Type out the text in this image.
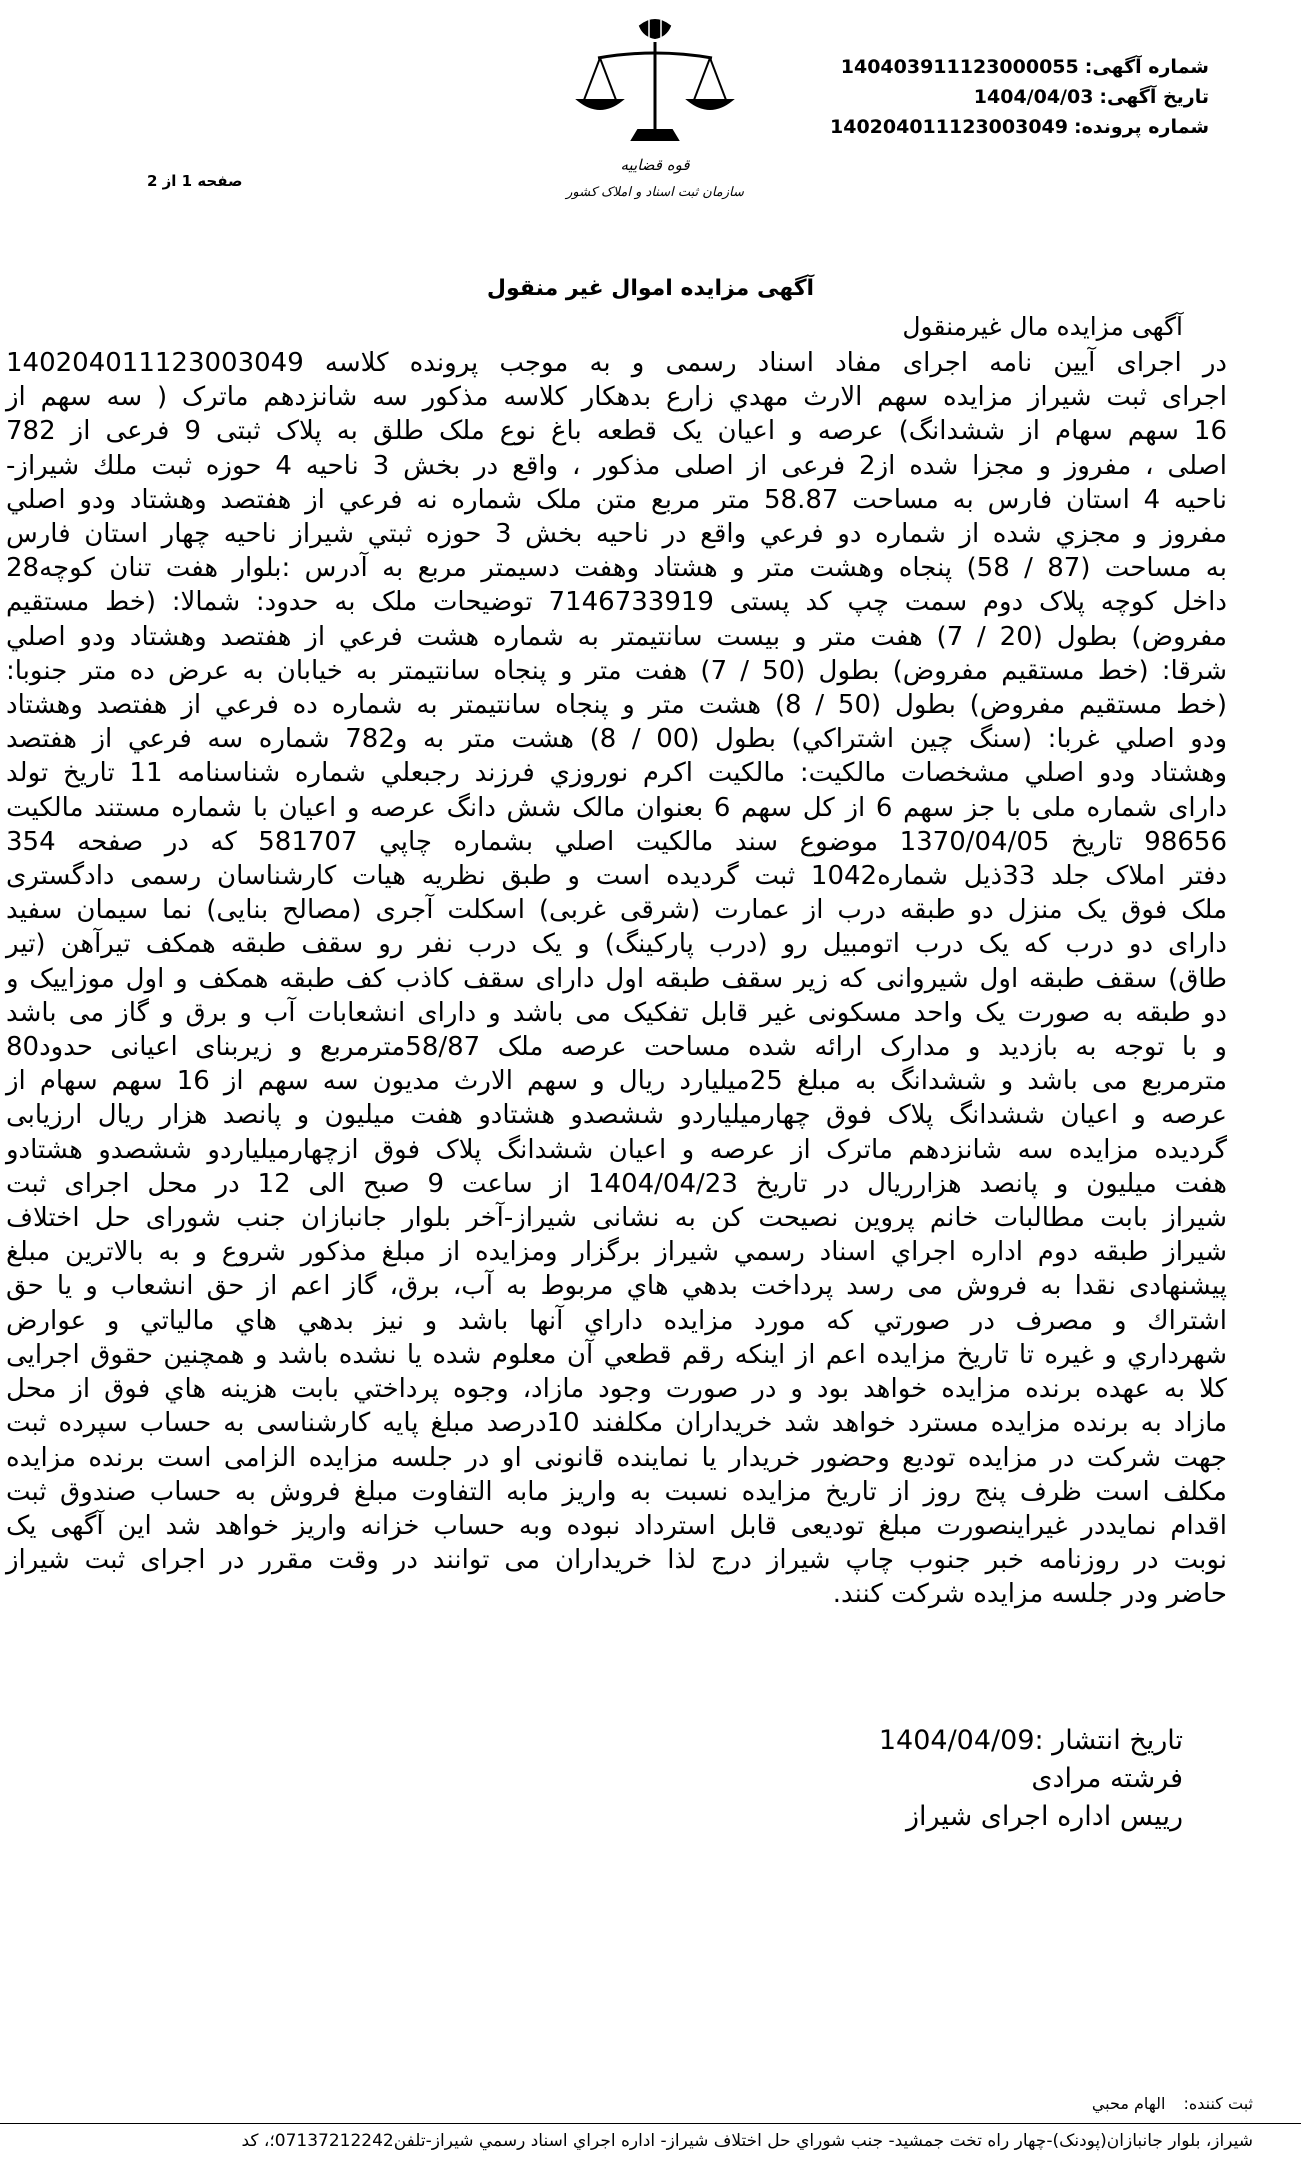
شماره آگهی:140403911123000055
تاریخ آگهی:1404/04/03
شماره پرونده:140204011123003049
قوه قضاییه
سازمان ثبت اسناد و املاک کشور
صفحه 1 از 2
آگهی مزایده اموال غیر منقول
آگهی مزایده مال غیرمنقول
در اجرای آیین نامه اجرای مفاد اسناد رسمی و به موجب پرونده کلاسه 140204011123003049
اجرای ثبت شیراز مزایده سهم الارث مهدي زارع بدهکار کلاسه مذکور سه شانزدهم ماترک ( سه سهم از
16 سهم سهام از ششدانگ) عرصه و اعیان یک قطعه باغ نوع ملک طلق به پلاک ثبتی 9 فرعی از 782
اصلی ، مفروز و مجزا شده از2 فرعی از اصلی مذکور ، واقع در بخش 3 ناحیه 4 حوزه ثبت ملك شیراز-
ناحیه 4 استان فارس به مساحت 58.87 متر مربع متن ملک شماره نه فرعي از هفتصد وهشتاد ودو اصلي
مفروز و مجزي شده از شماره دو فرعي واقع در ناحیه بخش 3 حوزه ثبتي شیراز ناحیه چهار استان فارس
به مساحت (87 / 58) پنجاه وهشت متر و هشتاد وهفت دسیمتر مربع به آدرس :بلوار هفت تنان کوچه28
داخل کوچه پلاک دوم سمت چپ کد پستی 7146733919 توضیحات ملک به حدود: شمالا: (خط مستقیم
مفروض) بطول (20 / 7) هفت متر و بیست سانتیمتر به شماره هشت فرعي از هفتصد وهشتاد ودو اصلي
شرقا: (خط مستقیم مفروض) بطول (50 / 7) هفت متر و پنجاه سانتیمتر به خیابان به عرض ده متر جنوبا:
(خط مستقیم مفروض) بطول (50 / 8) هشت متر و پنجاه سانتیمتر به شماره ده فرعي از هفتصد وهشتاد
ودو اصلي غربا: (سنگ چین اشتراکي) بطول (00 / 8) هشت متر به و782 شماره سه فرعي از هفتصد
وهشتاد ودو اصلي مشخصات مالکیت: مالکیت اکرم نوروزي فرزند رجبعلي شماره شناسنامه 11 تاریخ تولد
دارای شماره ملی با جز سهم 6 از کل سهم 6 بعنوان مالک شش دانگ عرصه و اعیان با شماره مستند مالکیت
98656 تاریخ 1370/04/05 موضوع سند مالکیت اصلي بشماره چاپي 581707 که در صفحه 354
دفتر املاک جلد 33ذیل شماره1042 ثبت گردیده است و طبق نظریه هیات کارشناسان رسمی دادگستری
ملک فوق یک منزل دو طبقه درب از عمارت (شرقی غربی) اسکلت آجری (مصالح بنایی) نما سیمان سفید
دارای دو درب که یک درب اتومبیل رو (درب پارکینگ) و یک درب نفر رو سقف طبقه همکف تیرآهن (تیر
طاق) سقف طبقه اول شیروانی که زیر سقف طبقه اول دارای سقف کاذب کف طبقه همکف و اول موزاییک و
دو طبقه به صورت یک واحد مسکونی غیر قابل تفکیک می باشد و دارای انشعابات آب و برق و گاز می باشد
و با توجه به بازدید و مدارک ارائه شده مساحت عرصه ملک 58/87مترمربع و زیربنای اعیانی حدود80
مترمربع می باشد و ششدانگ به مبلغ 25میلیارد ریال و سهم الارث مدیون سه سهم از 16 سهم سهام از
عرصه و اعیان ششدانگ پلاک فوق چهارمیلیاردو ششصدو هشتادو هفت میلیون و پانصد هزار ریال ارزیابی
گردیده مزایده سه شانزدهم ماترک از عرصه و اعیان ششدانگ پلاک فوق ازچهارمیلیاردو ششصدو هشتادو
هفت میلیون و پانصد هزارریال در تاریخ 1404/04/23 از ساعت 9 صبح الی 12 در محل اجرای ثبت
شیراز بابت مطالبات خانم پروین نصیحت کن به نشانی شیراز-آخر بلوار جانبازان جنب شورای حل اختلاف
شیراز طبقه دوم اداره اجراي اسناد رسمي شیراز برگزار ومزایده از مبلغ مذکور شروع و به بالاترین مبلغ
پیشنهادی نقدا به فروش می رسد پرداخت بدهي هاي مربوط به آب، برق، گاز اعم از حق انشعاب و یا حق
اشتراك و مصرف در صورتي كه مورد مزایده داراي آنها باشد و نیز بدهي هاي مالیاتي و عوارض
شهرداري و غیره تا تاریخ مزایده اعم از اینكه رقم قطعي آن معلوم شده یا نشده باشد و همچنین حقوق اجرایی
کلا به عهده برنده مزایده خواهد بود و در صورت وجود مازاد، وجوه پرداختي بابت هزینه هاي فوق از محل
مازاد به برنده مزایده مسترد خواهد شد خریداران مکلفند 10درصد مبلغ پایه کارشناسی به حساب سپرده ثبت
جهت شرکت در مزایده تودیع وحضور خریدار یا نماینده قانونی او در جلسه مزایده الزامی است برنده مزایده
مکلف است ظرف پنج روز از تاریخ مزایده نسبت به واریز مابه التفاوت مبلغ فروش به حساب صندوق ثبت
اقدام نمایددر غیراینصورت مبلغ تودیعی قابل استرداد نبوده وبه حساب خزانه واریز خواهد شد این آگهی یک
نوبت در روزنامه خبر جنوب چاپ شیراز درج لذا خریداران می توانند در وقت مقرر در اجرای ثبت شیراز
حاضر ودر جلسه مزایده شرکت کنند.
تاریخ انتشار :1404/04/09
فرشته مرادی
رییس اداره اجرای شیراز
ثبت کننده:الهام محبي
شیراز، بلوار جانبازان(پودنک)-چهار راه تخت جمشید- جنب شوراي حل اختلاف شیراز- اداره اجراي اسناد رسمي شیراز-تلفن07137212242؛، کد
